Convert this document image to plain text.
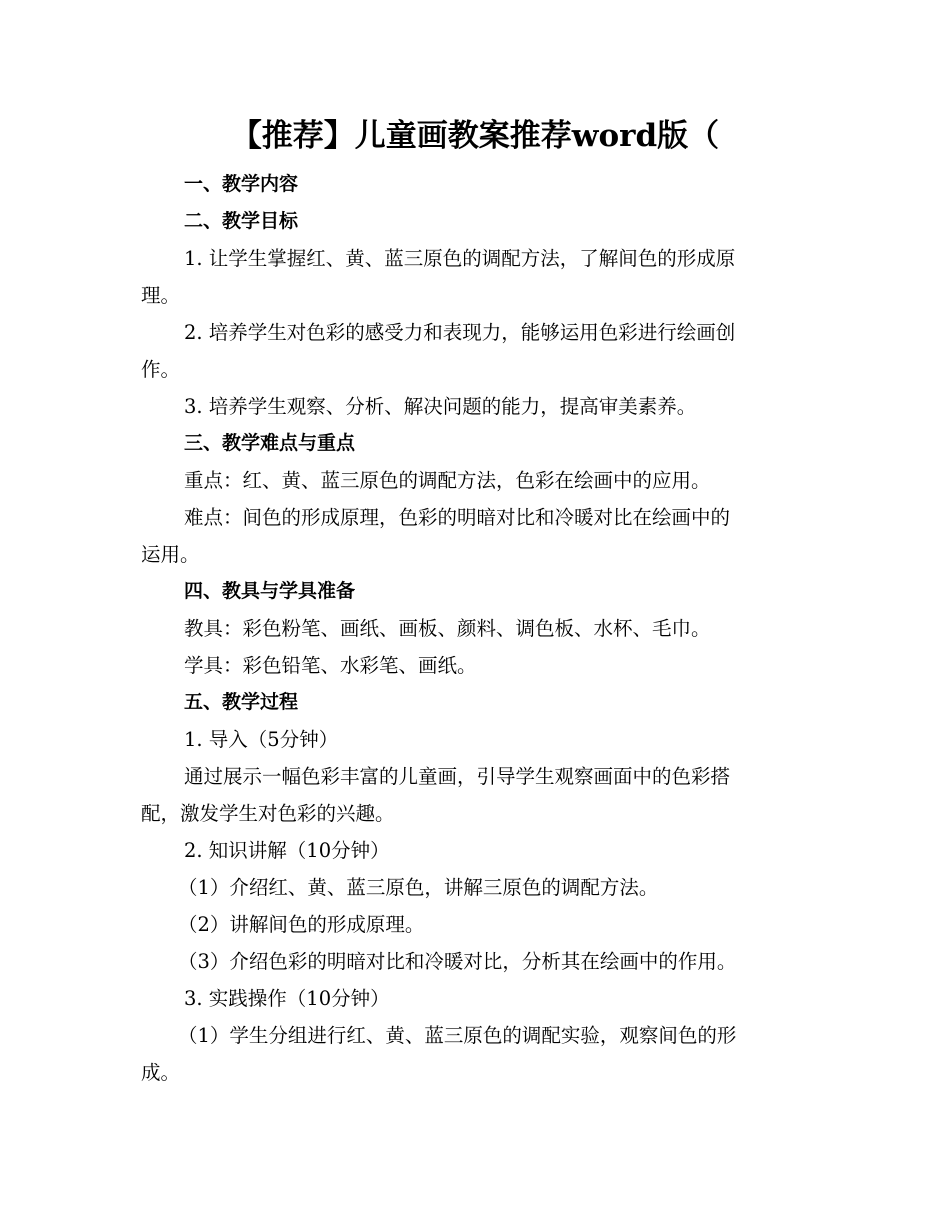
【推荐】儿童画教案推荐word版（
一、教学内容
二、教学目标
1. 让学生掌握红、黄、蓝三原色的调配方法，了解间色的形成原
理。
2. 培养学生对色彩的感受力和表现力，能够运用色彩进行绘画创
作。
3. 培养学生观察、分析、解决问题的能力，提高审美素养。
三、教学难点与重点
重点：红、黄、蓝三原色的调配方法，色彩在绘画中的应用。
难点：间色的形成原理，色彩的明暗对比和冷暖对比在绘画中的
运用。
四、教具与学具准备
教具：彩色粉笔、画纸、画板、颜料、调色板、水杯、毛巾。
学具：彩色铅笔、水彩笔、画纸。
五、教学过程
1. 导入（5分钟）
通过展示一幅色彩丰富的儿童画，引导学生观察画面中的色彩搭
配，激发学生对色彩的兴趣。
2. 知识讲解（10分钟）
（1）介绍红、黄、蓝三原色，讲解三原色的调配方法。
（2）讲解间色的形成原理。
（3）介绍色彩的明暗对比和冷暖对比，分析其在绘画中的作用。
3. 实践操作（10分钟）
（1）学生分组进行红、黄、蓝三原色的调配实验，观察间色的形
成。
